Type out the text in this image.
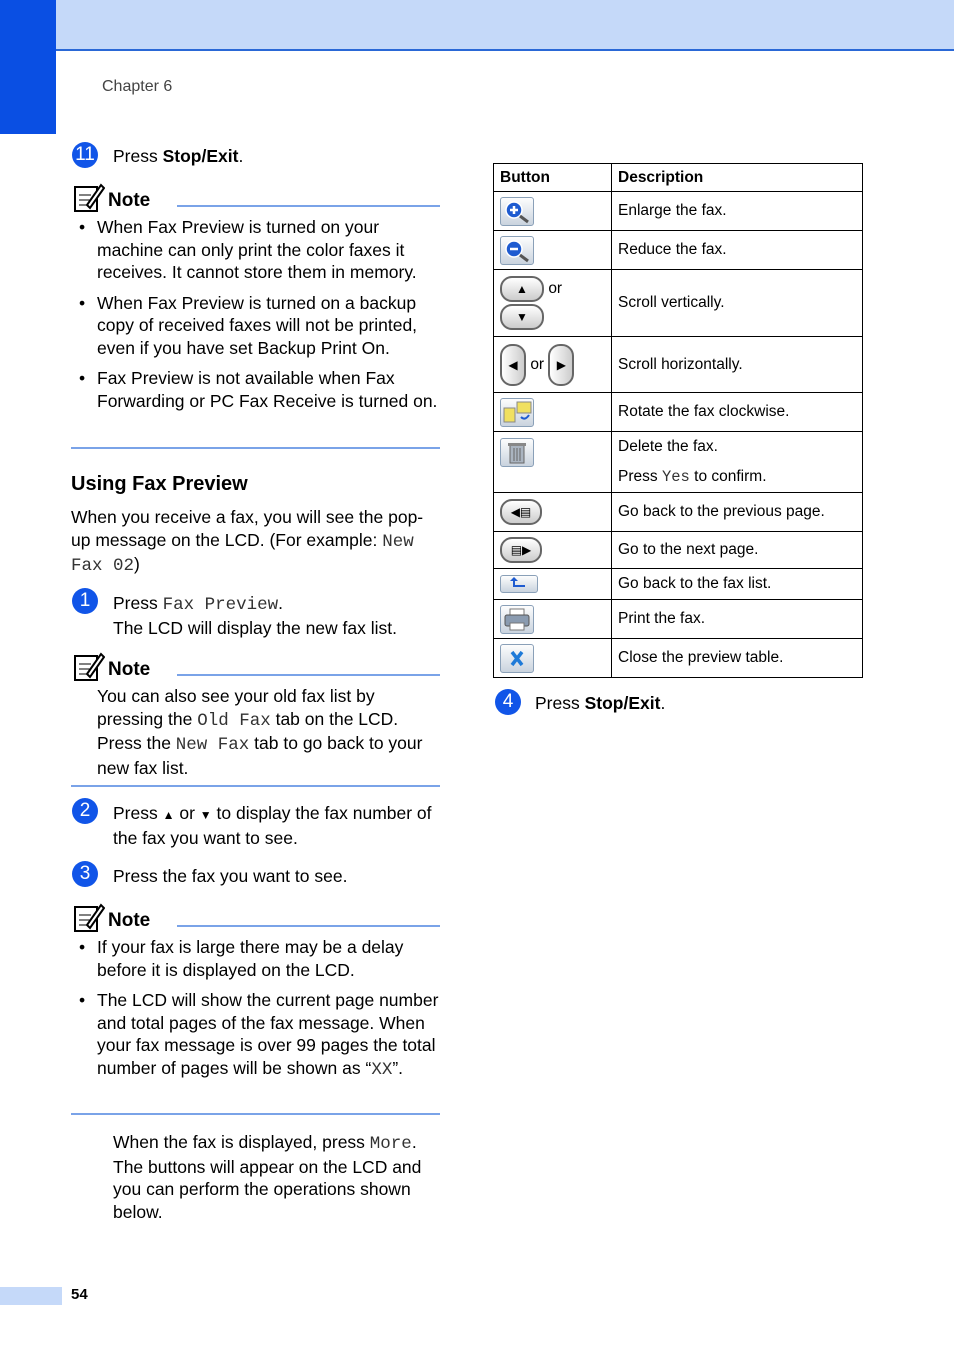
Chapter 6
11 Press Stop/Exit.
Note
• When Fax Preview is turned on your machine can only print the color faxes it receives. It cannot store them in memory.
• When Fax Preview is turned on a backup copy of received faxes will not be printed, even if you have set Backup Print On.
• Fax Preview is not available when Fax Forwarding or PC Fax Receive is turned on.
Using Fax Preview
When you receive a fax, you will see the pop-up message on the LCD. (For example: New Fax 02)
1	Press Fax Preview.
The LCD will display the new fax list.
Note
You can also see your old fax list by pressing the Old Fax tab on the LCD. Press the New Fax tab to go back to your new fax list.
2	Press ▲ or ▼ to display the fax number of the fax you want to see.
3	Press the fax you want to see.
Note
• If your fax is large there may be a delay before it is displayed on the LCD.
• The LCD will show the current page number and total pages of the fax message. When your fax message is over 99 pages the total number of pages will be shown as “XX”.
When the fax is displayed, press More. The buttons will appear on the LCD and you can perform the operations shown below.
Button	Description
	Enlarge the fax.
	Reduce the fax.

▲ or
▼	Scroll vertically.
◀ or ▶	Scroll horizontally.
	Rotate the fax clockwise.
	Delete the fax.
Press Yes to confirm.
◀▤	Go back to the previous page.
▤▶	Go to the next page.
	Go back to the fax list.
	Print the fax.
	Close the preview table.
4	Press Stop/Exit.
54
